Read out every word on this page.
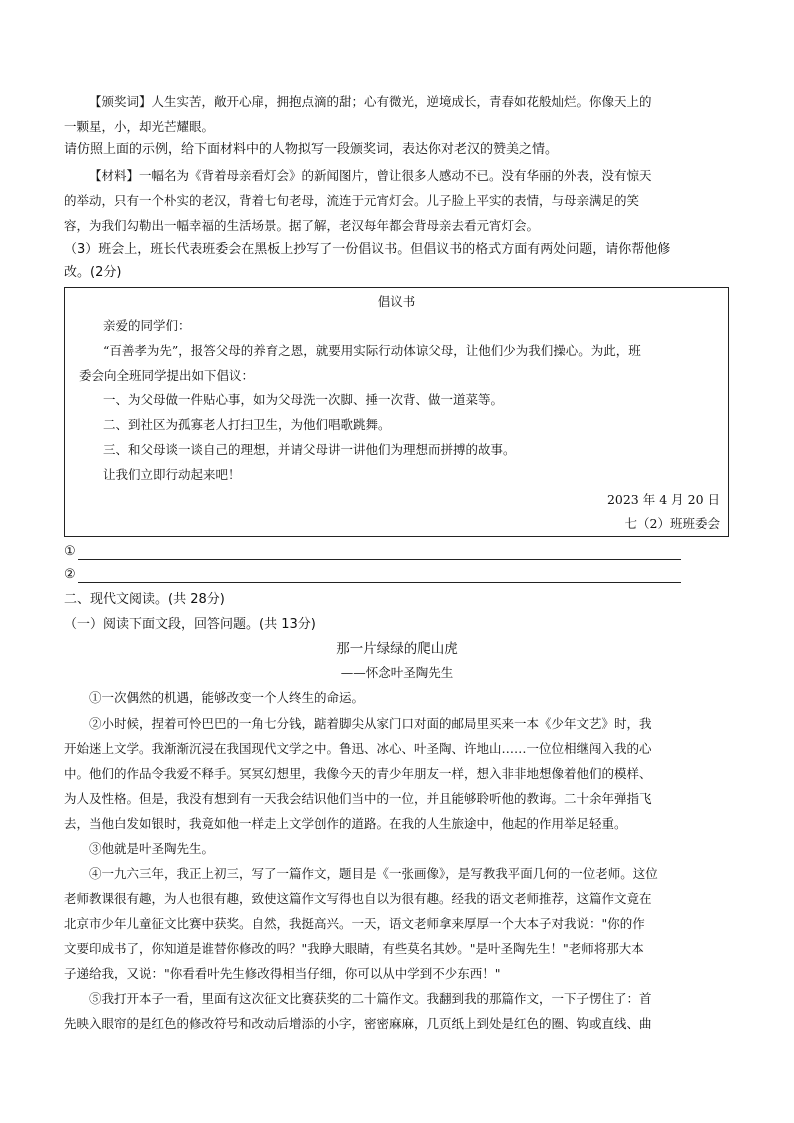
【颁奖词】人生实苦，敞开心扉，拥抱点滴的甜；心有微光，逆境成长，青春如花般灿烂。你像天上的
一颗星，小，却光芒耀眼。
请仿照上面的示例，给下面材料中的人物拟写一段颁奖词，表达你对老汉的赞美之情。
【材料】一幅名为《背着母亲看灯会》的新闻图片，曾让很多人感动不已。没有华丽的外表，没有惊天
的举动，只有一个朴实的老汉，背着七旬老母，流连于元宵灯会。儿子脸上平实的表情，与母亲满足的笑
容，为我们勾勒出一幅幸福的生活场景。据了解，老汉每年都会背母亲去看元宵灯会。
（3）班会上，班长代表班委会在黑板上抄写了一份倡议书。但倡议书的格式方面有两处问题，请你帮他修
改。(2分)
倡议书
亲爱的同学们：
“百善孝为先”，报答父母的养育之恩，就要用实际行动体谅父母，让他们少为我们操心。为此，班
委会向全班同学提出如下倡议：
一、为父母做一件贴心事，如为父母洗一次脚、捶一次背、做一道菜等。
二、到社区为孤寡老人打扫卫生，为他们唱歌跳舞。
三、和父母谈一谈自己的理想，并请父母讲一讲他们为理想而拼搏的故事。
让我们立即行动起来吧！
2023 年 4 月 20 日
七（2）班班委会
①
②
二、现代文阅读。(共 28分)
（一）阅读下面文段，回答问题。(共 13分)
那一片绿绿的爬山虎
——怀念叶圣陶先生
①一次偶然的机遇，能够改变一个人终生的命运。
②小时候，捏着可怜巴巴的一角七分钱，踮着脚尖从家门口对面的邮局里买来一本《少年文艺》时，我
开始迷上文学。我渐渐沉浸在我国现代文学之中。鲁迅、冰心、叶圣陶、许地山……一位位相继闯入我的心
中。他们的作品令我爱不释手。冥冥幻想里，我像今天的青少年朋友一样，想入非非地想像着他们的模样、
为人及性格。但是，我没有想到有一天我会结识他们当中的一位，并且能够聆听他的教诲。二十余年弹指飞
去，当他白发如银时，我竟如他一样走上文学创作的道路。在我的人生旅途中，他起的作用举足轻重。
③他就是叶圣陶先生。
④一九六三年，我正上初三，写了一篇作文，题目是《一张画像》，是写教我平面几何的一位老师。这位
老师教课很有趣，为人也很有趣，致使这篇作文写得也自以为很有趣。经我的语文老师推荐，这篇作文竟在
北京市少年儿童征文比赛中获奖。自然，我挺高兴。一天，语文老师拿来厚厚一个大本子对我说："你的作
文要印成书了，你知道是谁替你修改的吗？"我睁大眼睛，有些莫名其妙。"是叶圣陶先生！"老师将那大本
子递给我，又说："你看看叶先生修改得相当仔细，你可以从中学到不少东西！"
⑤我打开本子一看，里面有这次征文比赛获奖的二十篇作文。我翻到我的那篇作文，一下子愣住了：首
先映入眼帘的是红色的修改符号和改动后增添的小字，密密麻麻，几页纸上到处是红色的圈、钩或直线、曲
